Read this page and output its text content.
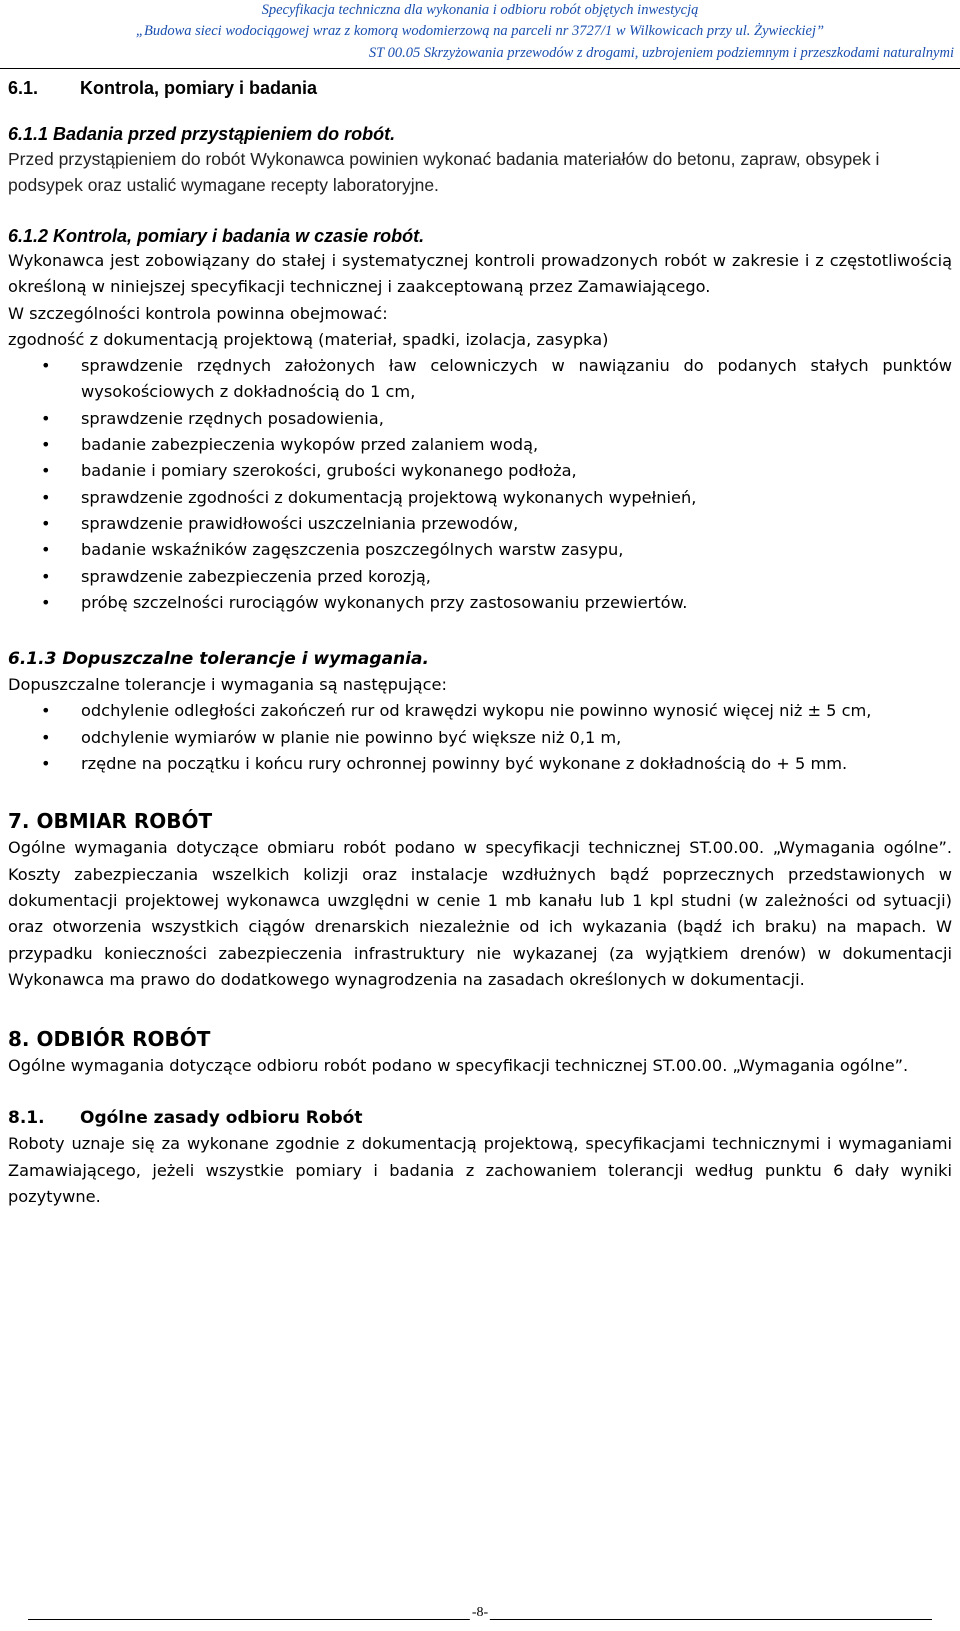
Specyfikacja techniczna dla wykonania i odbioru robót objętych inwestycją
„Budowa sieci wodociągowej wraz z komorą wodomierzową na parceli nr 3727/1 w Wilkowicach przy ul. Żywieckiej”
ST 00.05 Skrzyżowania przewodów z drogami, uzbrojeniem podziemnym i przeszkodami naturalnymi
6.1. Kontrola, pomiary i badania
6.1.1 Badania przed przystąpieniem do robót.

Przed przystąpieniem do robót Wykonawca powinien wykonać badania materiałów do betonu, zapraw, obsypek i podsypek oraz ustalić wymagane recepty laboratoryjne.

6.1.2 Kontrola, pomiary i badania w czasie robót.

Wykonawca jest zobowiązany do stałej i systematycznej kontroli prowadzonych robót w zakresie i z częstotliwością określoną w niniejszej specyfikacji technicznej i zaakceptowaną przez Zamawiającego.

W szczególności kontrola powinna obejmować:

zgodność z dokumentacją projektową (materiał, spadki, izolacja, zasypka)

• sprawdzenie rzędnych założonych ław celowniczych w nawiązaniu do podanych stałych punktów wysokościowych z dokładnością do 1 cm,
• sprawdzenie rzędnych posadowienia,
• badanie zabezpieczenia wykopów przed zalaniem wodą,
• badanie i pomiary szerokości, grubości wykonanego podłoża,
• sprawdzenie zgodności z dokumentacją projektową wykonanych wypełnień,
• sprawdzenie prawidłowości uszczelniania przewodów,
• badanie wskaźników zagęszczenia poszczególnych warstw zasypu,
• sprawdzenie zabezpieczenia przed korozją,
• próbę szczelności rurociągów wykonanych przy zastosowaniu przewiertów.
6.1.3 Dopuszczalne tolerancje i wymagania.

Dopuszczalne tolerancje i wymagania są następujące:

• odchylenie odległości zakończeń rur od krawędzi wykopu nie powinno wynosić więcej niż ± 5 cm,
• odchylenie wymiarów w planie nie powinno być większe niż 0,1 m,
• rzędne na początku i końcu rury ochronnej powinny być wykonane z dokładnością do + 5 mm.
7. OBMIAR ROBÓT

Ogólne wymagania dotyczące obmiaru robót podano w specyfikacji technicznej ST.00.00. „Wymagania ogólne”. Koszty zabezpieczania wszelkich kolizji oraz instalacje wzdłużnych bądź poprzecznych przedstawionych w dokumentacji projektowej wykonawca uwzględni w cenie 1 mb kanału lub 1 kpl studni (w zależności od sytuacji) oraz otworzenia wszystkich ciągów drenarskich niezależnie od ich wykazania (bądź ich braku) na mapach. W przypadku konieczności zabezpieczenia infrastruktury nie wykazanej (za wyjątkiem drenów) w dokumentacji Wykonawca ma prawo do dodatkowego wynagrodzenia na zasadach określonych w dokumentacji.

8. ODBIÓR ROBÓT

Ogólne wymagania dotyczące odbioru robót podano w specyfikacji technicznej ST.00.00. „Wymagania ogólne”.

8.1. Ogólne zasady odbioru Robót

Roboty uznaje się za wykonane zgodnie z dokumentacją projektową, specyfikacjami technicznymi i wymaganiami Zamawiającego, jeżeli wszystkie pomiary i badania z zachowaniem tolerancji według punktu 6 dały wyniki pozytywne.

-8-
